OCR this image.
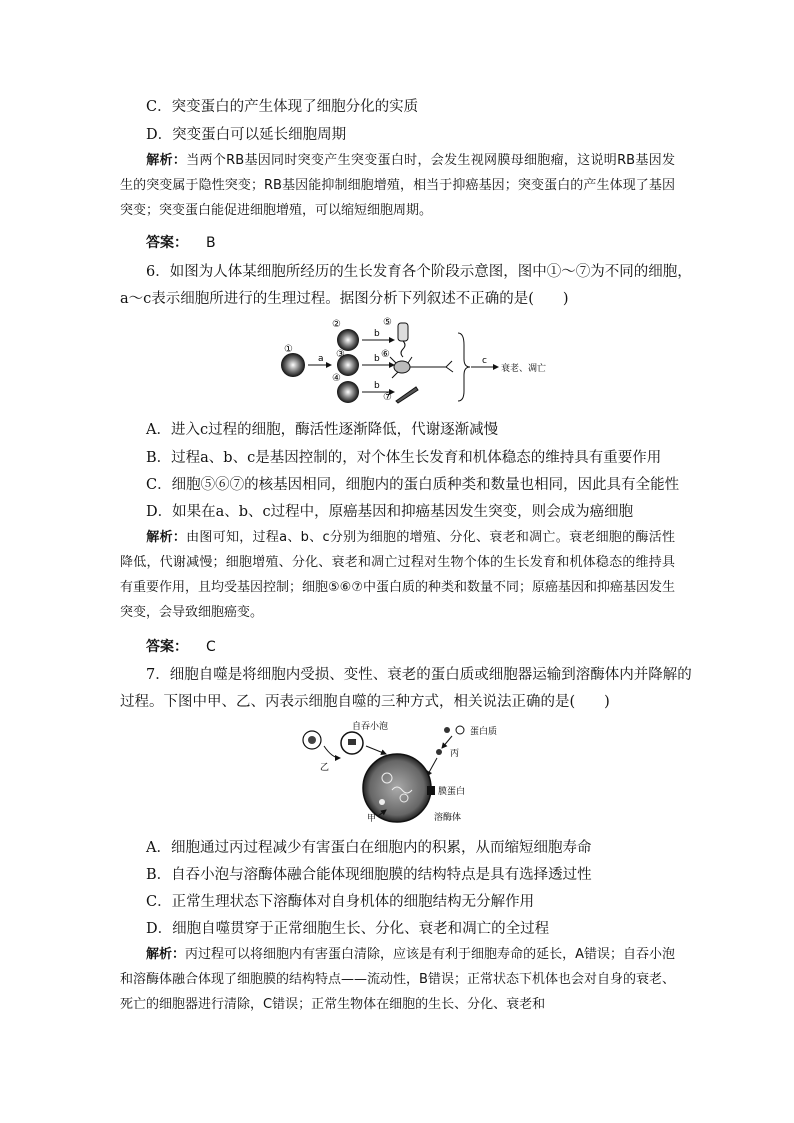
C．突变蛋白的产生体现了细胞分化的实质
D．突变蛋白可以延长细胞周期
解析：当两个RB基因同时突变产生突变蛋白时，会发生视网膜母细胞瘤，这说明RB基因发生的突变属于隐性突变；RB基因能抑制细胞增殖，相当于抑癌基因；突变蛋白的产生体现了基因突变；突变蛋白能促进细胞增殖，可以缩短细胞周期。
答案： B
6．如图为人体某细胞所经历的生长发育各个阶段示意图，图中①～⑦为不同的细胞，
a～c表示细胞所进行的生理过程。据图分析下列叙述不正确的是(　　)
①
a
②
③
④
b
b
b
⑤
⑥
⑦
c
衰老、凋亡
A．进入c过程的细胞，酶活性逐渐降低，代谢逐渐减慢
B．过程a、b、c是基因控制的，对个体生长发育和机体稳态的维持具有重要作用
C．细胞⑤⑥⑦的核基因相同，细胞内的蛋白质种类和数量也相同，因此具有全能性
D．如果在a、b、c过程中，原癌基因和抑癌基因发生突变，则会成为癌细胞
解析：由图可知，过程a、b、c分别为细胞的增殖、分化、衰老和凋亡。衰老细胞的酶活性降低，代谢减慢；细胞增殖、分化、衰老和凋亡过程对生物个体的生长发育和机体稳态的维持具有重要作用，且均受基因控制；细胞⑤⑥⑦中蛋白质的种类和数量不同；原癌基因和抑癌基因发生突变，会导致细胞癌变。
答案： C
7．细胞自噬是将细胞内受损、变性、衰老的蛋白质或细胞器运输到溶酶体内并降解的
过程。下图中甲、乙、丙表示细胞自噬的三种方式，相关说法正确的是(　　)
乙
自吞小泡	蛋白质
丙
膜蛋白
甲	溶酶体
A．细胞通过丙过程减少有害蛋白在细胞内的积累，从而缩短细胞寿命
B．自吞小泡与溶酶体融合能体现细胞膜的结构特点是具有选择透过性
C．正常生理状态下溶酶体对自身机体的细胞结构无分解作用
D．细胞自噬贯穿于正常细胞生长、分化、衰老和凋亡的全过程
解析：丙过程可以将细胞内有害蛋白清除，应该是有利于细胞寿命的延长，A错误；自吞小泡和溶酶体融合体现了细胞膜的结构特点——流动性，B错误；正常状态下机体也会对自身的衰老、死亡的细胞器进行清除，C错误；正常生物体在细胞的生长、分化、衰老和
